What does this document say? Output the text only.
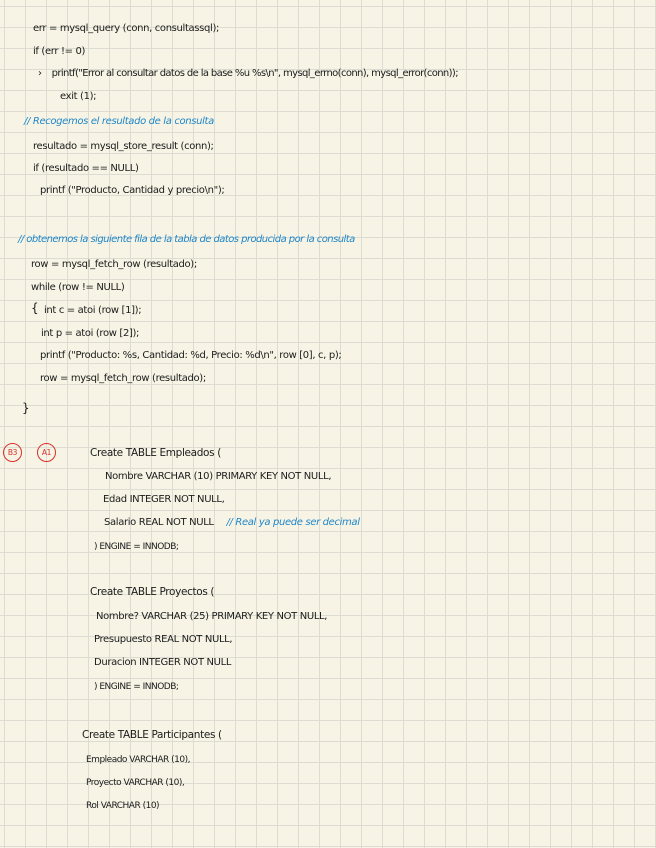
err = mysql_query (conn, consultassql);
if (err != 0)
› printf("Error al consultar datos de la base %u %s\n", mysql_errno(conn), mysql_error(conn));
exit (1);
// Recogemos el resultado de la consulta
resultado = mysql_store_result (conn);
if (resultado == NULL)
printf ("Producto, Cantidad y precio\n");
// obtenemos la siguiente fila de la tabla de datos producida por la consulta
row = mysql_fetch_row (resultado);
while (row != NULL)
{ int c = atoi (row [1]);
int p = atoi (row [2]);
printf ("Producto: %s, Cantidad: %d, Precio: %d\n", row [0], c, p);
row = mysql_fetch_row (resultado);
}
B3	A1	Create TABLE Empleados (
Nombre VARCHAR (10) PRIMARY KEY NOT NULL,
Edad INTEGER NOT NULL,
Salario REAL NOT NULL // Real ya puede ser decimal
) ENGINE = INNODB;
Create TABLE Proyectos (
Nombre? VARCHAR (25) PRIMARY KEY NOT NULL,
Presupuesto REAL NOT NULL,
Duracion INTEGER NOT NULL
) ENGINE = INNODB;
Create TABLE Participantes (
Empleado VARCHAR (10),
Proyecto VARCHAR (10),
Rol VARCHAR (10)
